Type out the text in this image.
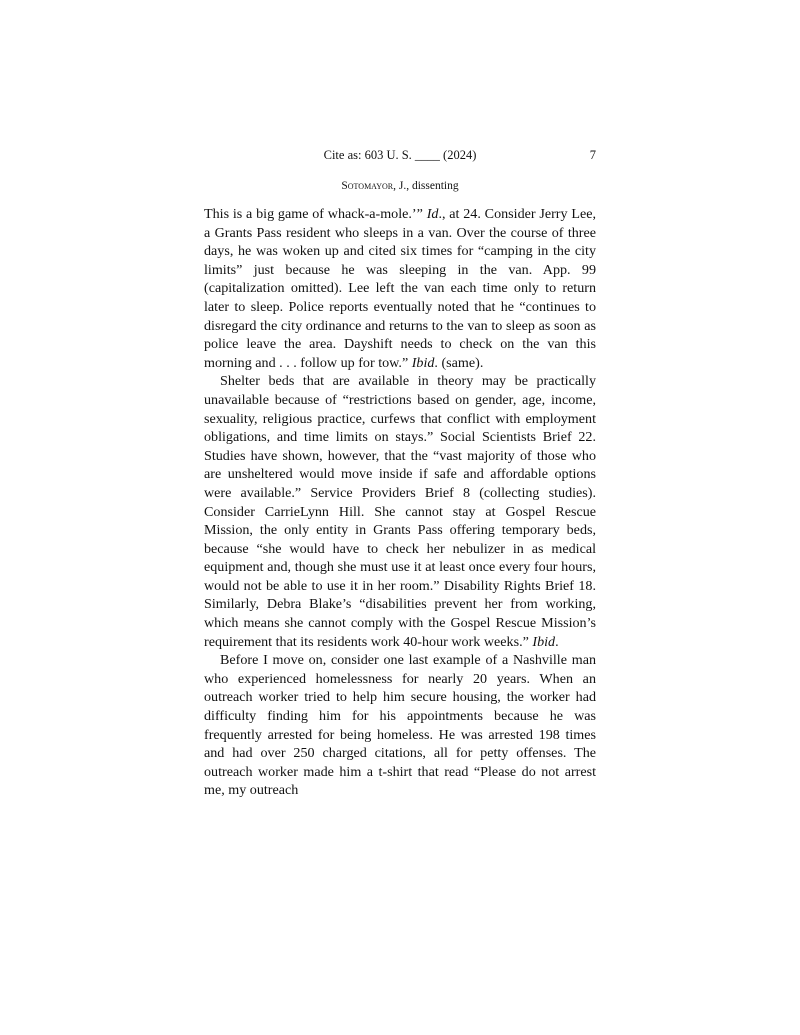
Cite as: 603 U. S. ____ (2024)	7
Sotomayor, J., dissenting

This is a big game of whack-a-mole.’” Id., at 24. Consider Jerry Lee, a Grants Pass resident who sleeps in a van. Over the course of three days, he was woken up and cited six times for “camping in the city limits” just because he was sleeping in the van. App. 99 (capitalization omitted). Lee left the van each time only to return later to sleep. Police reports eventually noted that he “continues to disregard the city ordinance and returns to the van to sleep as soon as police leave the area. Dayshift needs to check on the van this morning and . . . follow up for tow.” Ibid. (same).

Shelter beds that are available in theory may be practically unavailable because of “restrictions based on gender, age, income, sexuality, religious practice, curfews that conflict with employment obligations, and time limits on stays.” Social Scientists Brief 22. Studies have shown, however, that the “vast majority of those who are unsheltered would move inside if safe and affordable options were available.” Service Providers Brief 8 (collecting studies). Consider CarrieLynn Hill. She cannot stay at Gospel Rescue Mission, the only entity in Grants Pass offering temporary beds, because “she would have to check her nebulizer in as medical equipment and, though she must use it at least once every four hours, would not be able to use it in her room.” Disability Rights Brief 18. Similarly, Debra Blake’s “disabilities prevent her from working, which means she cannot comply with the Gospel Rescue Mission’s requirement that its residents work 40-hour work weeks.” Ibid.

Before I move on, consider one last example of a Nashville man who experienced homelessness for nearly 20 years. When an outreach worker tried to help him secure housing, the worker had difficulty finding him for his appointments because he was frequently arrested for being homeless. He was arrested 198 times and had over 250 charged citations, all for petty offenses. The outreach worker made him a t-shirt that read “Please do not arrest me, my outreach
